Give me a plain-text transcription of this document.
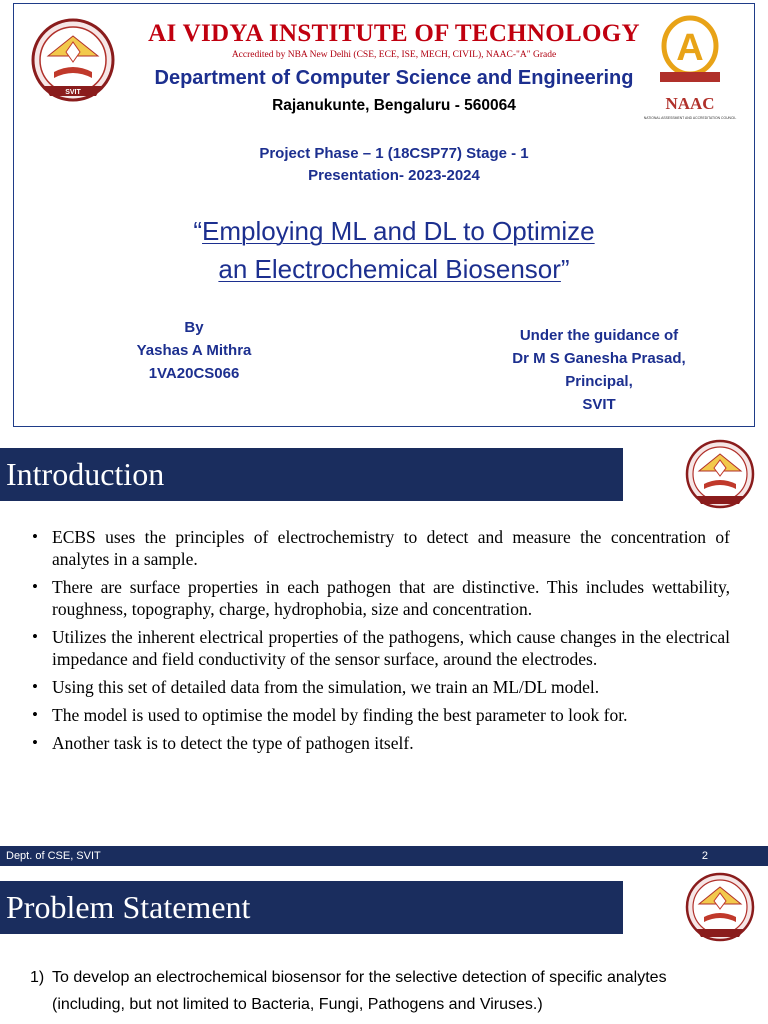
SVIT
A
NAAC
NATIONAL ASSESSMENT AND ACCREDITATION COUNCIL
AI VIDYA INSTITUTE OF TECHNOLOGY
Accredited by NBA New Delhi (CSE, ECE, ISE, MECH, CIVIL), NAAC-"A" Grade
Department of Computer Science and Engineering
Rajanukunte, Bengaluru - 560064
Project Phase – 1 (18CSP77) Stage - 1
Presentation- 2023-2024
“Employing ML and DL to Optimize
an Electrochemical Biosensor”
By
Yashas A Mithra
1VA20CS066
Under the guidance of
Dr M S Ganesha Prasad,
Principal,
SVIT
Introduction
• ECBS uses the principles of electrochemistry to detect and measure the concentration of analytes in a sample.
• There are surface properties in each pathogen that are distinctive. This includes wettability, roughness, topography, charge, hydrophobia, size and concentration.
• Utilizes the inherent electrical properties of the pathogens, which cause changes in the electrical impedance and field conductivity of the sensor surface, around the electrodes.
• Using this set of detailed data from the simulation, we train an ML/DL model.
• The model is used to optimise the model by finding the best parameter to look for.
• Another task is to detect the type of pathogen itself.
Dept. of CSE, SVIT	2
Problem Statement
1) To develop an electrochemical biosensor for the selective detection of specific analytes
(including, but not limited to Bacteria, Fungi, Pathogens and Viruses.)
